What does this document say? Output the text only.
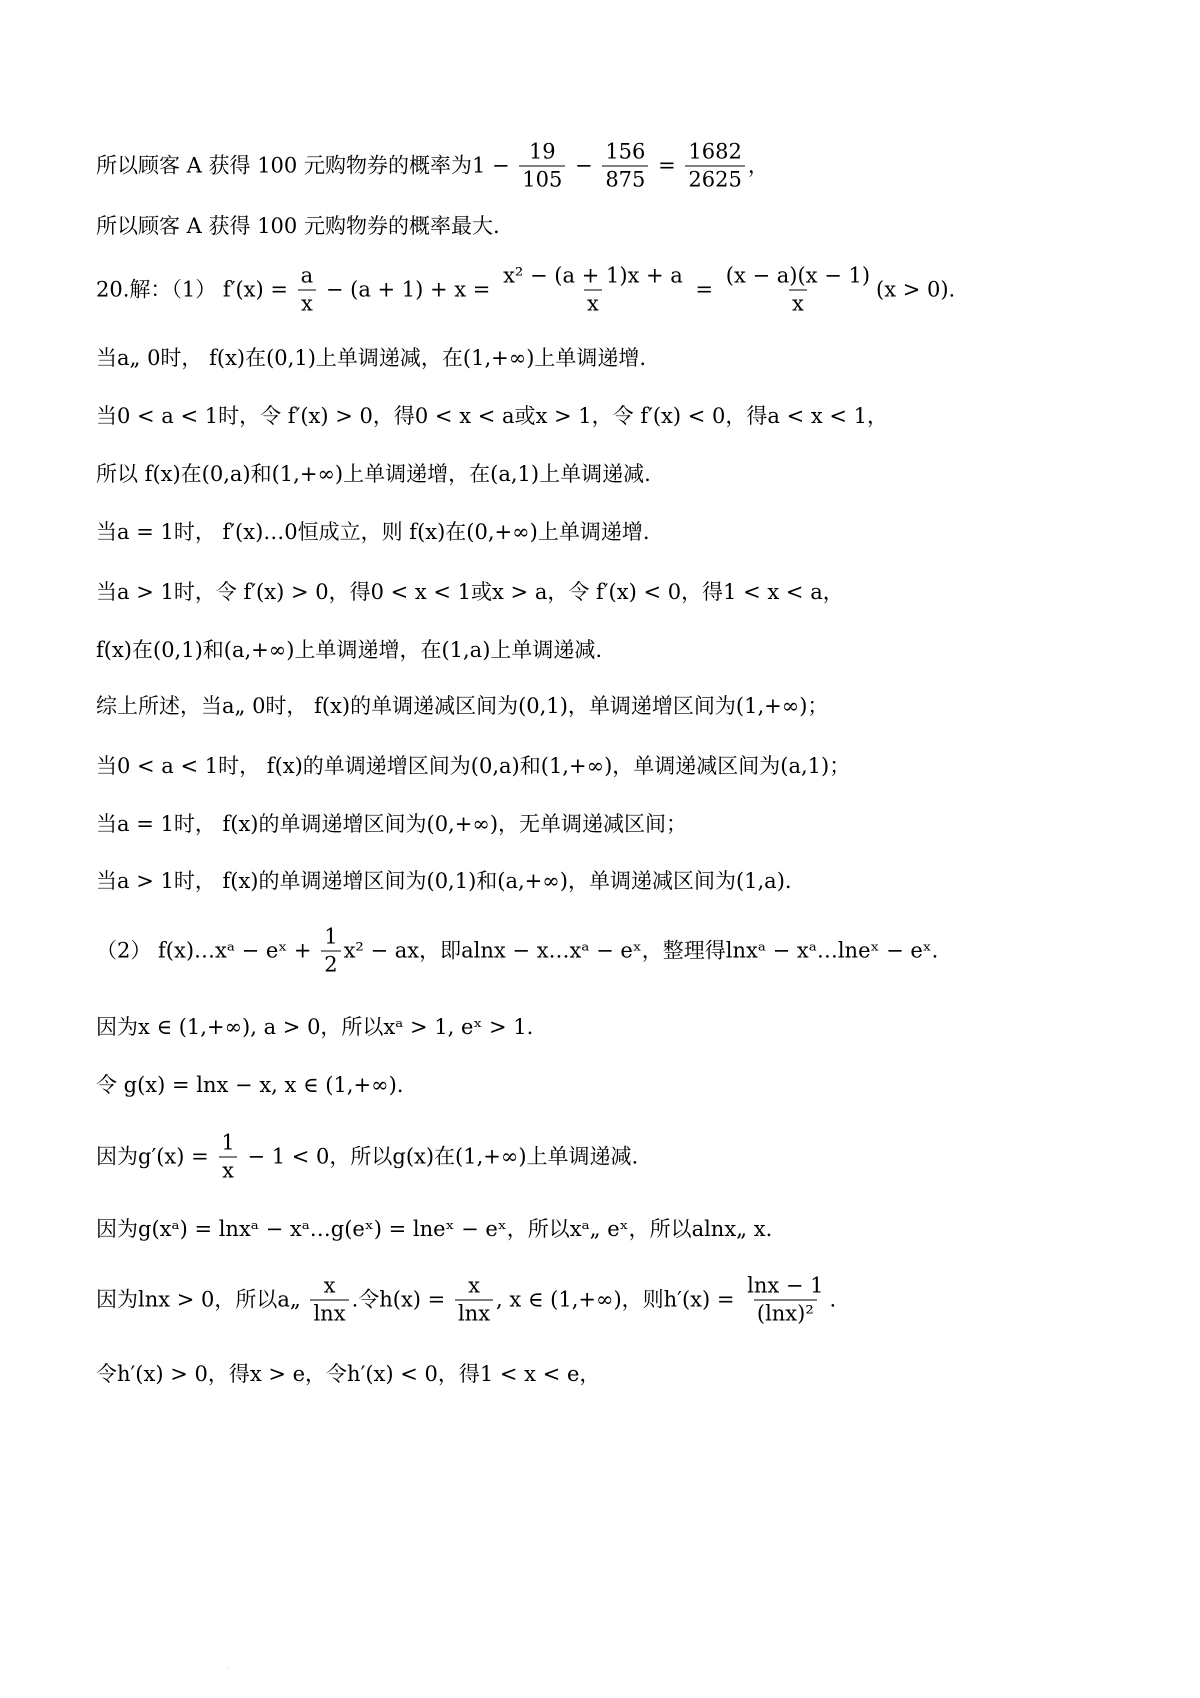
所以顾客 A 获得 100 元购物券的概率为$1 - \frac{19}{105} - \frac{156}{875} = \frac{1682}{2625}$ ，
所以顾客 A 获得 100 元购物券的概率最大.
20.解：（1） $f'(x) = \frac{a}{x} - (a + 1) + x = \frac{\text{x² − (a + 1)x + a}}{x} = \frac{(x - a)(x - 1)}{x} (x > 0)$.
当a„ 0时， f(x)在(0,1)上单调递减，在(1,+∞)上单调递增.
当0 < a < 1时，令 f′(x) > 0，得0 < x < a或x > 1，令 f′(x) < 0，得a < x < 1，
所以 f(x)在(0,a)和(1,+∞)上单调递增，在(a,1)上单调递减.
当a = 1时， f′(x)…0恒成立，则 f(x)在(0,+∞)上单调递增.
当a > 1时，令 f′(x) > 0，得0 < x < 1或x > a，令 f′(x) < 0，得1 < x < a，
f(x)在(0,1)和(a,+∞)上单调递增，在(1,a)上单调递减.
综上所述，当a„ 0时， f(x)的单调递减区间为(0,1)，单调递增区间为(1,+∞)；
当0 < a < 1时， f(x)的单调递增区间为(0,a)和(1,+∞)，单调递减区间为(a,1)；
当a = 1时， f(x)的单调递增区间为(0,+∞)，无单调递减区间；
当a > 1时， f(x)的单调递增区间为(0,1)和(a,+∞)，单调递减区间为(1,a).
（2） f(x)…xᵃ − eˣ + $\frac{1}{2} x^2$ − ax，即alnx − x…xᵃ − eˣ，整理得lnxᵃ − xᵃ…lneˣ − eˣ.
因为x ∈ (1,+∞), a > 0，所以xᵃ > 1, eˣ > 1.
令 g(x) = lnx − x, x ∈ (1,+∞).
因为$g'(x) = \frac{1}{x} - 1 < 0$，所以g(x)在(1,+∞)上单调递减.
因为g(xᵃ) = lnxᵃ − xᵃ…g(eˣ) = lneˣ − eˣ，所以xᵃ„ eˣ，所以alnx„ x.
因为lnx > 0，所以a„ $\frac{x}{\ln x}$ .令$h(x) = \frac{x}{\ln x}$ , x ∈ (1,+∞)，则$h'(x) = \frac{\ln x - 1}{\text{(lnx)²}}$ .
令h′(x) > 0，得x > e，令h′(x) < 0，得1 < x < e，
·
